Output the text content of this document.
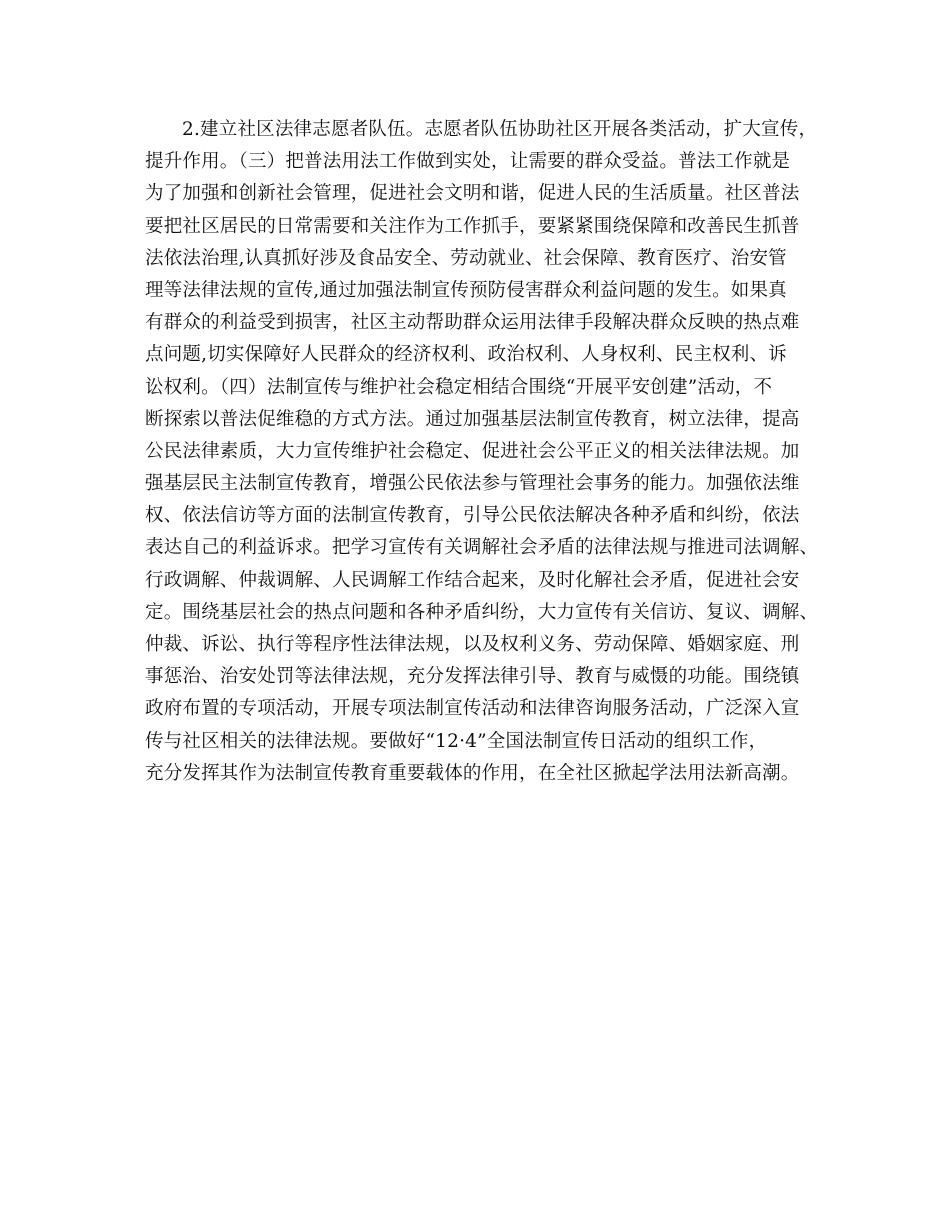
2.建立社区法律志愿者队伍。志愿者队伍协助社区开展各类活动，扩大宣传，
提升作用。（三）把普法用法工作做到实处，让需要的群众受益。普法工作就是
为了加强和创新社会管理，促进社会文明和谐，促进人民的生活质量。社区普法
要把社区居民的日常需要和关注作为工作抓手，要紧紧围绕保障和改善民生抓普
法依法治理,认真抓好涉及食品安全、劳动就业、社会保障、教育医疗、治安管
理等法律法规的宣传,通过加强法制宣传预防侵害群众利益问题的发生。如果真
有群众的利益受到损害，社区主动帮助群众运用法律手段解决群众反映的热点难
点问题,切实保障好人民群众的经济权利、政治权利、人身权利、民主权利、诉
讼权利。（四）法制宣传与维护社会稳定相结合围绕“开展平安创建”活动，不
断探索以普法促维稳的方式方法。通过加强基层法制宣传教育，树立法律，提高
公民法律素质，大力宣传维护社会稳定、促进社会公平正义的相关法律法规。加
强基层民主法制宣传教育，增强公民依法参与管理社会事务的能力。加强依法维
权、依法信访等方面的法制宣传教育，引导公民依法解决各种矛盾和纠纷，依法
表达自己的利益诉求。把学习宣传有关调解社会矛盾的法律法规与推进司法调解、
行政调解、仲裁调解、人民调解工作结合起来，及时化解社会矛盾，促进社会安
定。围绕基层社会的热点问题和各种矛盾纠纷，大力宣传有关信访、复议、调解、
仲裁、诉讼、执行等程序性法律法规，以及权利义务、劳动保障、婚姻家庭、刑
事惩治、治安处罚等法律法规，充分发挥法律引导、教育与威慑的功能。围绕镇
政府布置的专项活动，开展专项法制宣传活动和法律咨询服务活动，广泛深入宣
传与社区相关的法律法规。要做好“12·4”全国法制宣传日活动的组织工作，
充分发挥其作为法制宣传教育重要载体的作用，在全社区掀起学法用法新高潮。
